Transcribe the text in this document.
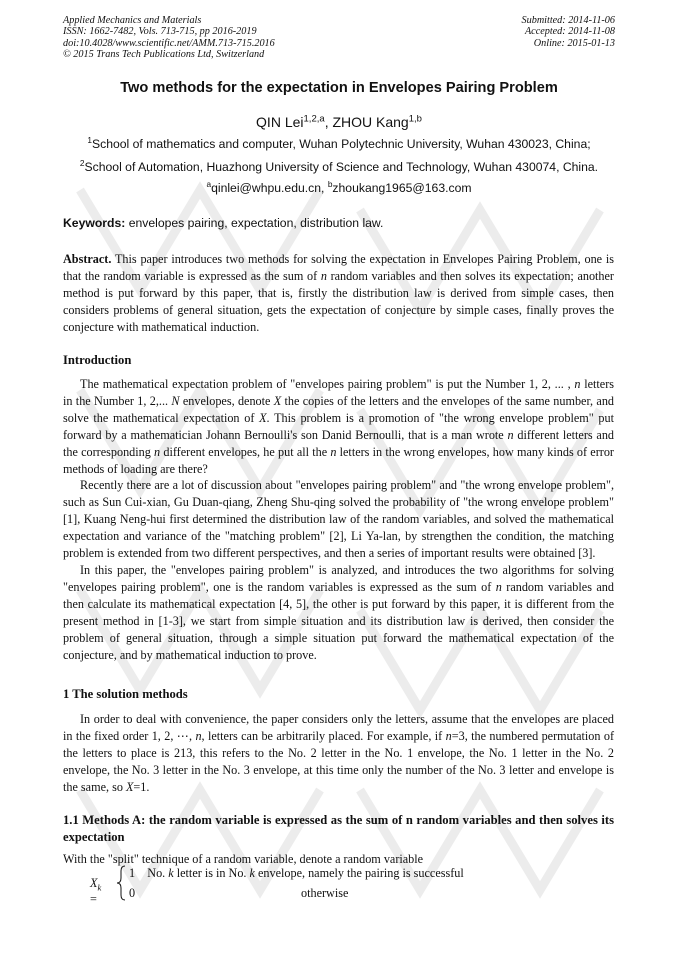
Applied Mechanics and Materials
ISSN: 1662-7482, Vols. 713-715, pp 2016-2019
doi:10.4028/www.scientific.net/AMM.713-715.2016
© 2015 Trans Tech Publications Ltd, Switzerland
Submitted: 2014-11-06
Accepted: 2014-11-08
Online: 2015-01-13
Two methods for the expectation in Envelopes Pairing Problem
QIN Lei$^{1,2,a}$, ZHOU Kang$^{1,b}$
$^1$School of mathematics and computer, Wuhan Polytechnic University, Wuhan 430023, China;
$^2$School of Automation, Huazhong University of Science and Technology, Wuhan 430074, China.
$^a$qinlei@whpu.edu.cn, $^b$zhoukang1965@163.com
Keywords: envelopes pairing, expectation, distribution law.

Abstract. This paper introduces two methods for solving the expectation in Envelopes Pairing Problem, one is that the random variable is expressed as the sum of n random variables and then solves its expectation; another method is put forward by this paper, that is, firstly the distribution law is derived from simple cases, then considers problems of general situation, gets the expectation of conjecture by simple cases, finally proves the conjecture with mathematical induction.

Introduction

The mathematical expectation problem of "envelopes pairing problem" is put the Number 1, 2, ... , n letters in the Number 1, 2,... N envelopes, denote X the copies of the letters and the envelopes of the same number, and solve the mathematical expectation of X. This problem is a promotion of "the wrong envelope problem" put forward by a mathematician Johann Bernoulli's son Danid Bernoulli, that is a man wrote n different letters and the corresponding n different envelopes, he put all the n letters in the wrong envelopes, how many kinds of error methods of loading are there?

Recently there are a lot of discussion about "envelopes pairing problem" and "the wrong envelope problem", such as Sun Cui-xian, Gu Duan-qiang, Zheng Shu-qing solved the probability of "the wrong envelope problem" [1], Kuang Neng-hui first determined the distribution law of the random variables, and solved the mathematical expectation and variance of the "matching problem" [2], Li Ya-lan, by strengthen the condition, the matching problem is extended from two different perspectives, and then a series of important results were obtained [3].

In this paper, the "envelopes pairing problem" is analyzed, and introduces the two algorithms for solving "envelopes pairing problem", one is the random variables is expressed as the sum of n random variables and then calculate its mathematical expectation [4, 5], the other is put forward by this paper, it is different from the present method in [1-3], we start from simple situation and its distribution law is derived, then consider the problem of general situation, through a simple situation put forward the mathematical expectation of the conjecture, and by mathematical induction to prove.

1 The solution methods

In order to deal with convenience, the paper considers only the letters, assume that the envelopes are placed in the fixed order 1, 2, ⋯, n, letters can be arbitrarily placed. For example, if n=3, the numbered permutation of the letters to place is 213, this refers to the No. 2 letter in the No. 1 envelope, the No. 1 letter in the No. 2 envelope, the No. 3 letter in the No. 3 envelope, at this time only the number of the No. 3 letter and envelope is the same, so X=1.

1.1 Methods A: the random variable is expressed as the sum of n random variables and then solves its expectation

With the "split" technique of a random variable, denote a random variable

$X_k$ =
1 No. k letter is in No. k envelope, namely the pairing is successful
0	otherwise
